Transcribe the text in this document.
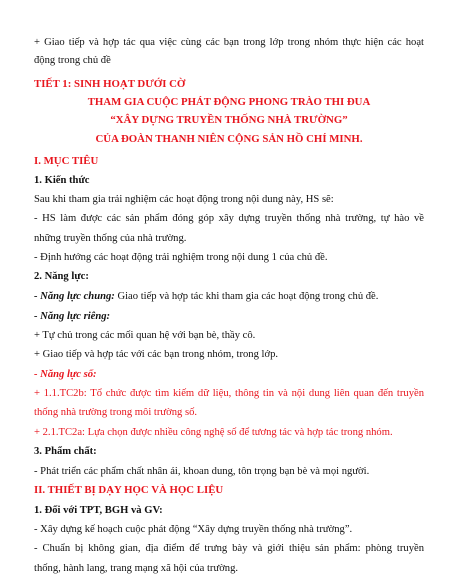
+ Giao tiếp và hợp tác qua việc cùng các bạn trong lớp trong nhóm thực hiện các hoạt
động trong chủ đề
TIẾT 1: SINH HOẠT DƯỚI CỜ
THAM GIA CUỘC PHÁT ĐỘNG PHONG TRÀO THI ĐUA
“XÂY DỰNG TRUYỀN THỐNG NHÀ TRƯỜNG”
CỦA ĐOÀN THANH NIÊN CỘNG SẢN HỒ CHÍ MINH.
I. MỤC TIÊU
1. Kiến thức
Sau khi tham gia trải nghiệm các hoạt động trong nội dung này, HS sẽ:
- HS làm được các sản phẩm đóng góp xây dựng truyền thống nhà trường, tự hào về
những truyền thống của nhà trường.
- Định hướng các hoạt động trải nghiệm trong nội dung 1 của chủ đề.
2. Năng lực:
- Năng lực chung: Giao tiếp và hợp tác khi tham gia các hoạt động trong chủ đề.
- Năng lực riêng:
+ Tự chủ trong các mối quan hệ với bạn bè, thầy cô.
+ Giao tiếp và hợp tác với các bạn trong nhóm, trong lớp.
- Năng lực số:
+ 1.1.TC2b: Tổ chức được tìm kiếm dữ liệu, thông tin và nội dung liên quan đến truyền
thống nhà trường trong môi trường số.
+ 2.1.TC2a: Lựa chọn được nhiều công nghệ số để tương tác và hợp tác trong nhóm.
3. Phẩm chất:
- Phát triển các phẩm chất nhân ái, khoan dung, tôn trọng bạn bè và mọi người.
II. THIẾT BỊ DẠY HỌC VÀ HỌC LIỆU
1. Đối với TPT, BGH và GV:
- Xây dựng kế hoạch cuộc phát động “Xây dựng truyền thống nhà trường”.
- Chuẩn bị không gian, địa điểm để trưng bày và giới thiệu sản phẩm: phòng truyền
thống, hành lang, trang mạng xã hội của trường.
